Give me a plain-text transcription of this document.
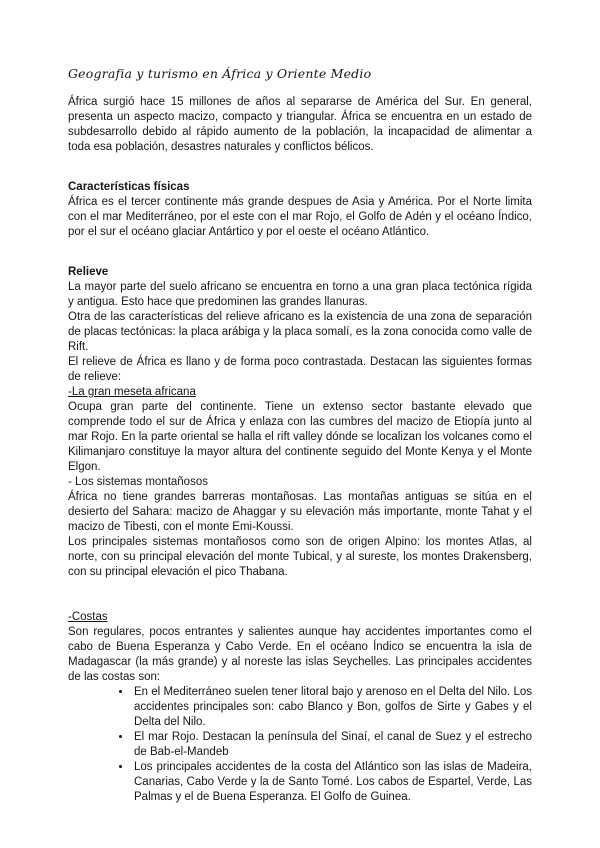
Geografia y turismo en África y Oriente Medio

África surgió hace 15 millones de años al separarse de América del Sur. En general, presenta un aspecto macizo, compacto y triangular. África se encuentra en un estado de subdesarrollo debido al rápido aumento de la población, la incapacidad de alimentar a toda esa población, desastres naturales y conflictos bélicos.

Características físicas

África es el tercer continente más grande despues de Asia y América. Por el Norte limita con el mar Mediterráneo, por el este con el mar Rojo, el Golfo de Adén y el océano Índico, por el sur el océano glaciar Antártico y por el oeste el océano Atlántico.

Relieve

La mayor parte del suelo africano se encuentra en torno a una gran placa tectónica rígida y antigua. Esto hace que predominen las grandes llanuras.

Otra de las características del relieve africano es la existencia de una zona de separación de placas tectónicas: la placa arábiga y la placa somalí, es la zona conocida como valle de Rift.

El relieve de África es llano y de forma poco contrastada. Destacan las siguientes formas de relieve:

-La gran meseta africana

Ocupa gran parte del continente. Tiene un extenso sector bastante elevado que comprende todo el sur de África y enlaza con las cumbres del macizo de Etiopía junto al mar Rojo. En la parte oriental se halla el rift valley dónde se localizan los volcanes como el Kilimanjaro constituye la mayor altura del continente seguido del Monte Kenya y el Monte Elgon.

- Los sistemas montañosos

África no tiene grandes barreras montañosas. Las montañas antiguas se sitúa en el desierto del Sahara: macizo de Ahaggar y su elevación más importante, monte Tahat y el macizo de Tibesti, con el monte Emi-Koussi.

Los principales sistemas montañosos como son de origen Alpino: los montes Atlas, al norte, con su principal elevación del monte Tubical, y al sureste, los montes Drakensberg, con su principal elevación el pico Thabana.

-Costas

Son regulares, pocos entrantes y salientes aunque hay accidentes importantes como el cabo de Buena Esperanza y Cabo Verde. En el océano Índico se encuentra la isla de Madagascar (la más grande) y al noreste las islas Seychelles. Las principales accidentes de las costas son:

• En el Mediterráneo suelen tener litoral bajo y arenoso en el Delta del Nilo. Los accidentes principales son: cabo Blanco y Bon, golfos de Sirte y Gabes y el Delta del Nilo.
• El mar Rojo. Destacan la península del Sinaí, el canal de Suez y el estrecho de Bab-el-Mandeb
• Los principales accidentes de la costa del Atlántico son las islas de Madeira, Canarias, Cabo Verde y la de Santo Tomé. Los cabos de Espartel, Verde, Las Palmas y el de Buena Esperanza. El Golfo de Guinea.
